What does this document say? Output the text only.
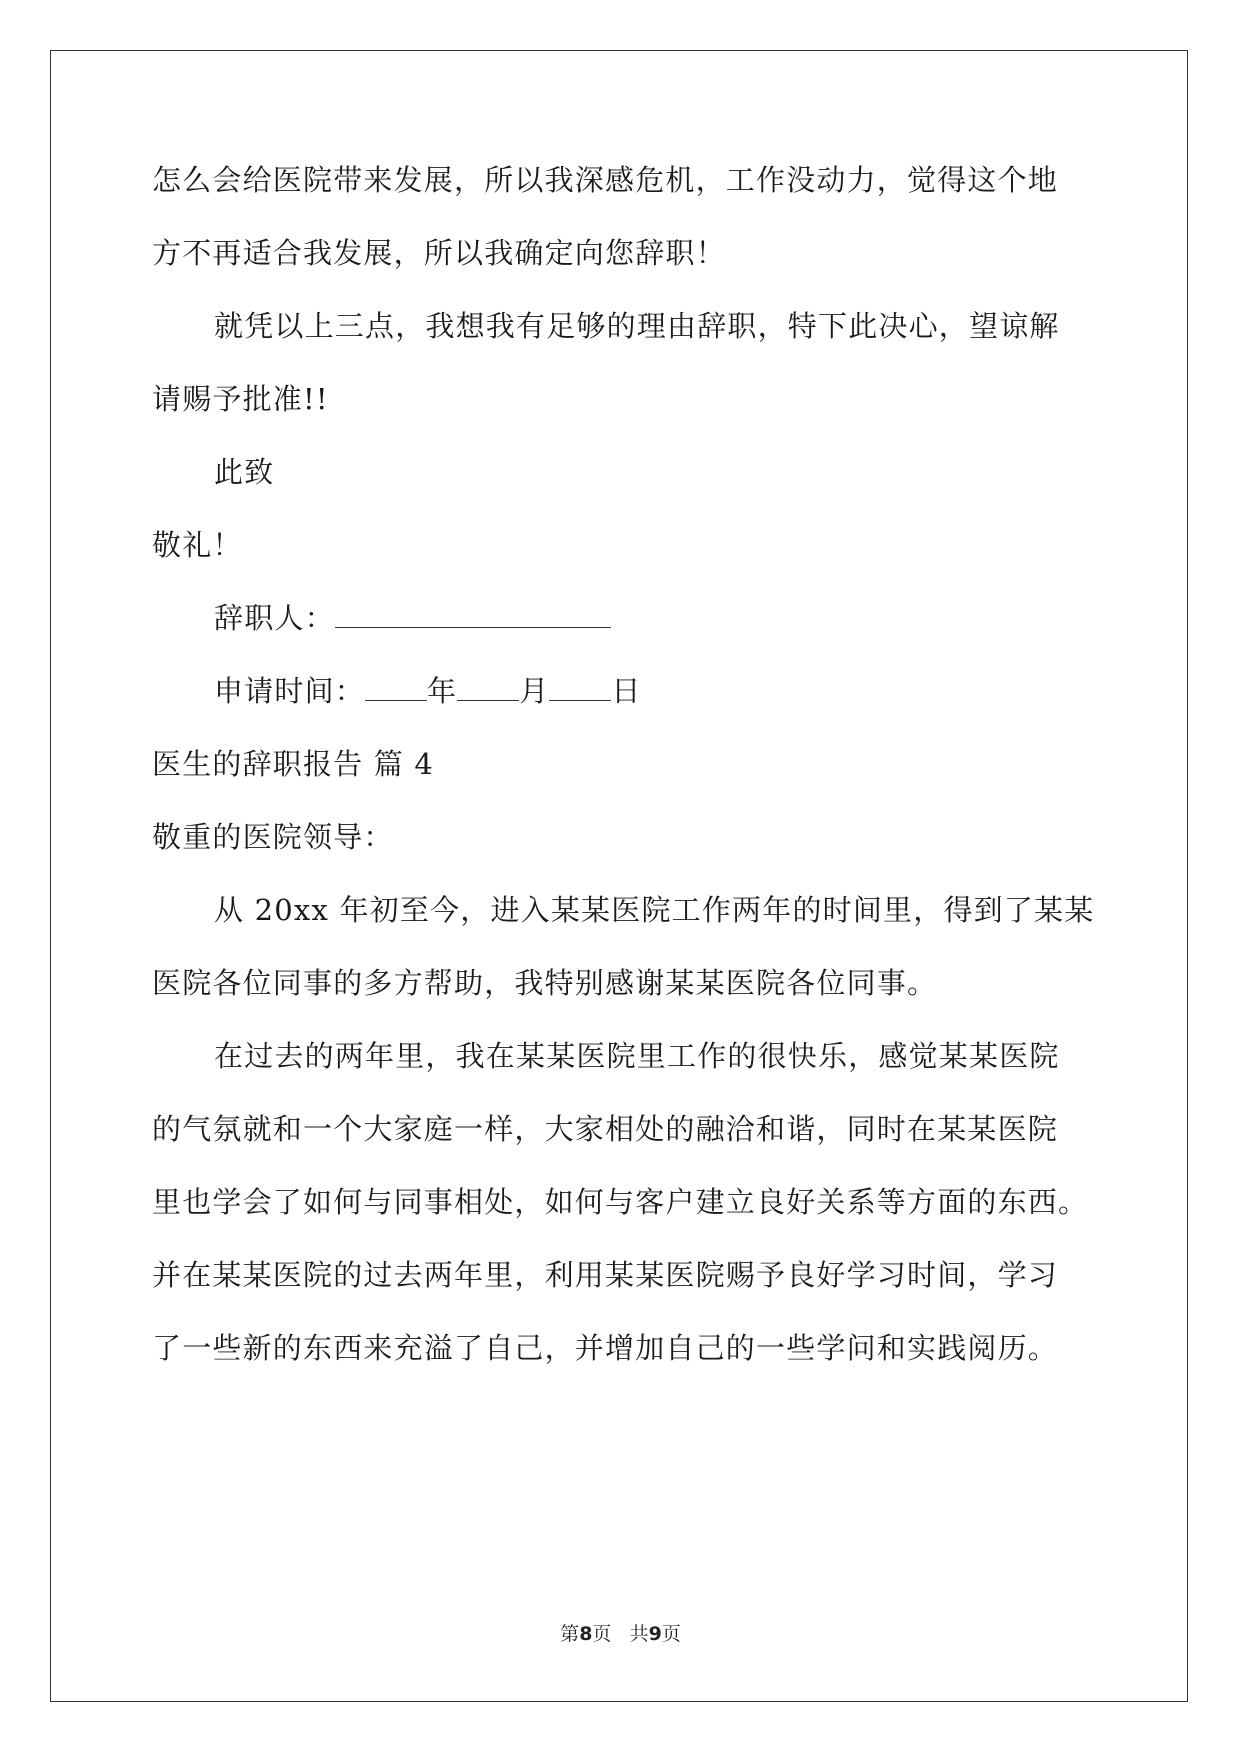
怎么会给医院带来发展，所以我深感危机，工作没动力，觉得这个地
方不再适合我发展，所以我确定向您辞职！
就凭以上三点，我想我有足够的理由辞职，特下此决心，望谅解
请赐予批准!!
此致
敬礼！
辞职人：
申请时间： 年 月 日
医生的辞职报告 篇 4
敬重的医院领导：
从 20xx 年初至今，进入某某医院工作两年的时间里，得到了某某
医院各位同事的多方帮助，我特别感谢某某医院各位同事。
在过去的两年里，我在某某医院里工作的很快乐，感觉某某医院
的气氛就和一个大家庭一样，大家相处的融洽和谐，同时在某某医院
里也学会了如何与同事相处，如何与客户建立良好关系等方面的东西。
并在某某医院的过去两年里，利用某某医院赐予良好学习时间，学习
了一些新的东西来充溢了自己，并增加自己的一些学问和实践阅历。
第8页 共9页
